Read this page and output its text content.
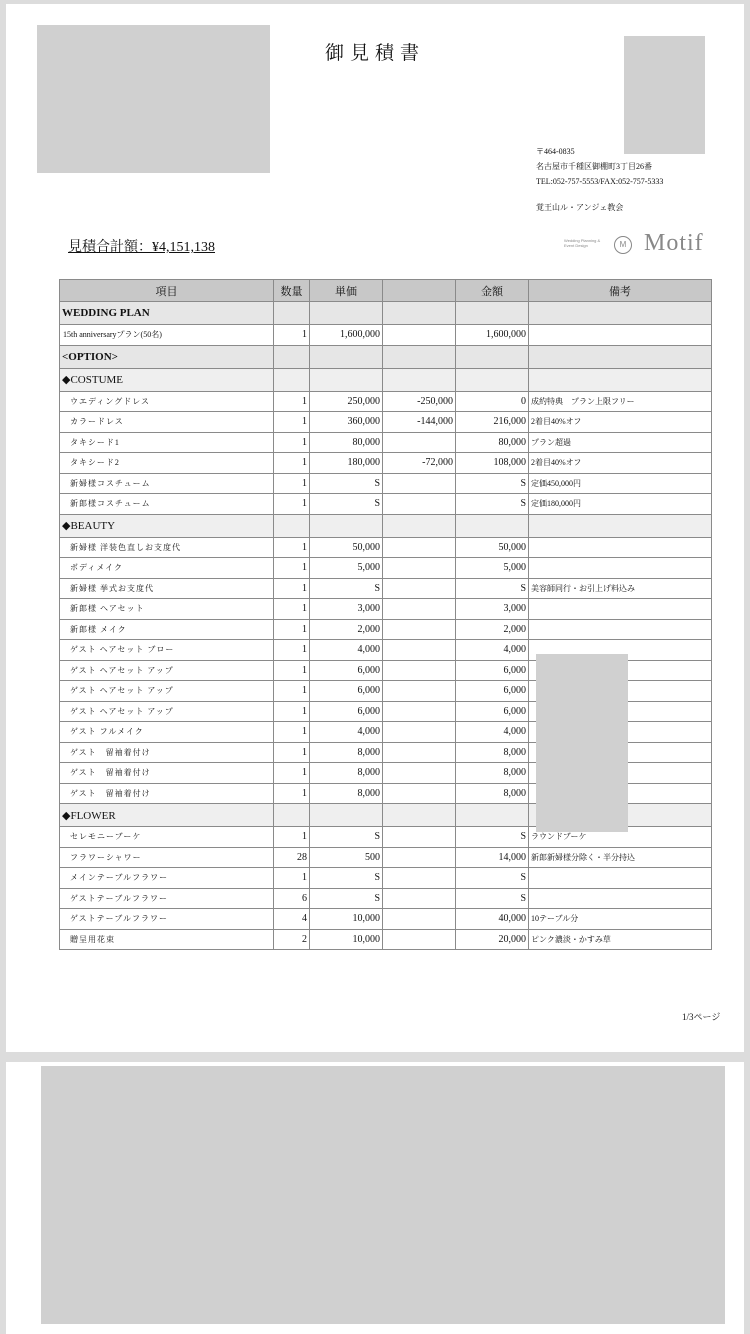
御見積書
〒464-0835
名古屋市千種区御棚町3丁目26番
TEL:052-757-5553/FAX:052-757-5333
覚王山ル・アンジェ教会
見積合計額：¥4,151,138	Wedding Planning & Event Design	M Motif
1/3ページ
項目	数量	単価		金額	備考
WEDDING PLAN					
15th anniversaryプラン(50名)	1	1,600,000		1,600,000	
<OPTION>					
◆COSTUME					
ウエディングドレス	1	250,000	-250,000	0	成約特典　プラン上限フリー
カラードレス	1	360,000	-144,000	216,000	2着目40%オフ
タキシード1	1	80,000		80,000	プラン超過
タキシード2	1	180,000	-72,000	108,000	2着目40%オフ
新婦様コスチューム	1	S		S	定価450,000円
新郎様コスチューム	1	S		S	定価180,000円
◆BEAUTY					
新婦様 洋装色直しお支度代	1	50,000		50,000	
ボディメイク	1	5,000		5,000	
新婦様 挙式お支度代	1	S		S	美容師同行・お引上げ料込み
新郎様 ヘアセット	1	3,000		3,000	
新郎様 メイク	1	2,000		2,000	
ゲスト ヘアセット ブロー	1	4,000		4,000	
ゲスト ヘアセット アップ	1	6,000		6,000	
ゲスト ヘアセット アップ	1	6,000		6,000	
ゲスト ヘアセット アップ	1	6,000		6,000	
ゲスト フルメイク	1	4,000		4,000	
ゲスト　留袖着付け	1	8,000		8,000	
ゲスト　留袖着付け	1	8,000		8,000	
ゲスト　留袖着付け	1	8,000		8,000	
◆FLOWER					
セレモニーブーケ	1	S		S	ラウンドブーケ
フラワーシャワー	28	500		14,000	新郎新婦様分除く・半分持込
メインテーブルフラワー	1	S		S	
ゲストテーブルフラワー	6	S		S	
ゲストテーブルフラワー	4	10,000		40,000	10テーブル分
贈呈用花束	2	10,000		20,000	ピンク濃淡・かすみ草
